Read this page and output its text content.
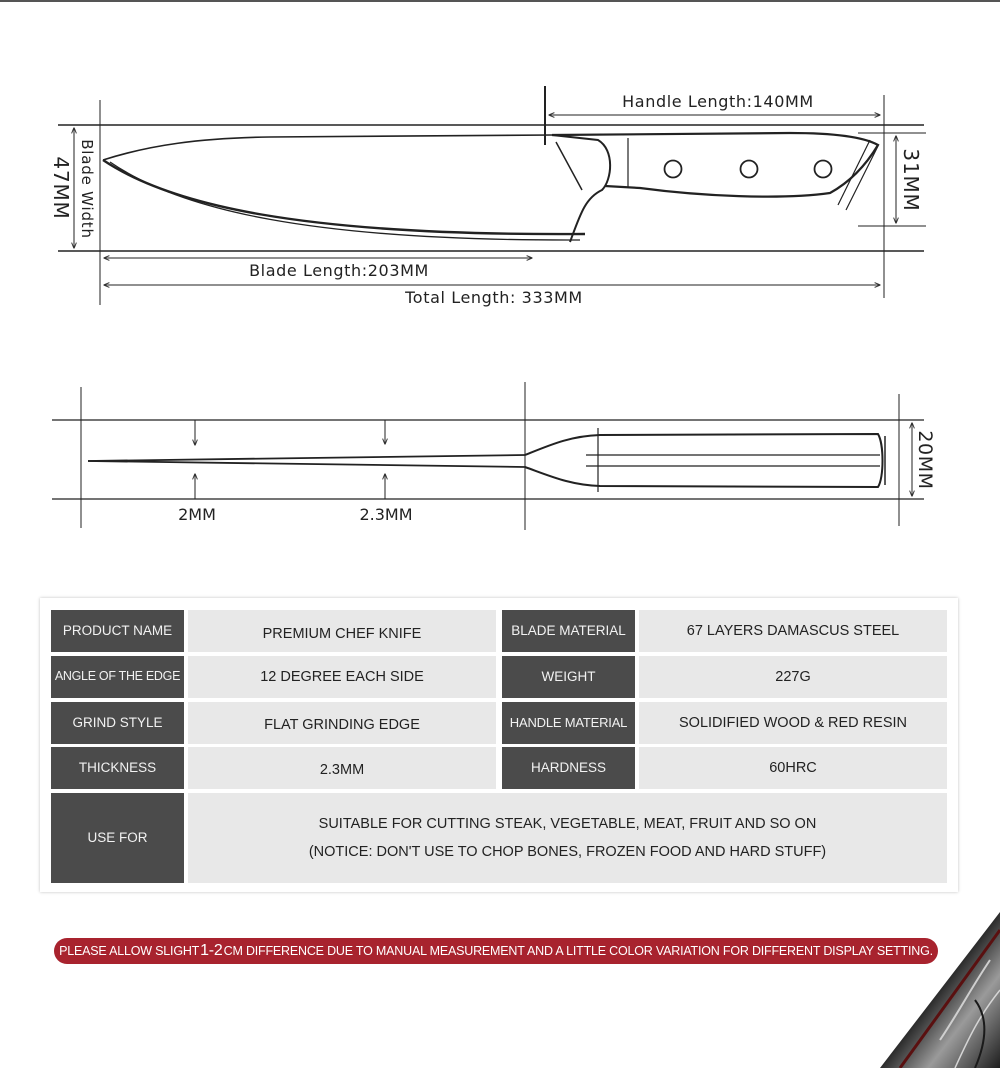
Handle Length:140MM
Blade Width
47MM	31MM
Blade Length:203MM
Total Length: 333MM
2MM	2.3MM
20MM
PRODUCT NAME	PREMIUM CHEF KNIFE	BLADE MATERIAL	67 LAYERS DAMASCUS STEEL
ANGLE OF THE EDGE	12 DEGREE EACH SIDE	WEIGHT	227G
GRIND STYLE	FLAT GRINDING EDGE	HANDLE MATERIAL	SOLIDIFIED WOOD & RED RESIN
THICKNESS	2.3MM	HARDNESS	60HRC
USE FOR
SUITABLE FOR CUTTING STEAK, VEGETABLE, MEAT, FRUIT AND SO ON
(NOTICE: DON'T USE TO CHOP BONES, FROZEN FOOD AND HARD STUFF)
PLEASE ALLOW SLIGHT 1-2 CM DIFFERENCE DUE TO MANUAL MEASUREMENT AND A LITTLE COLOR VARIATION FOR DIFFERENT DISPLAY SETTING.
